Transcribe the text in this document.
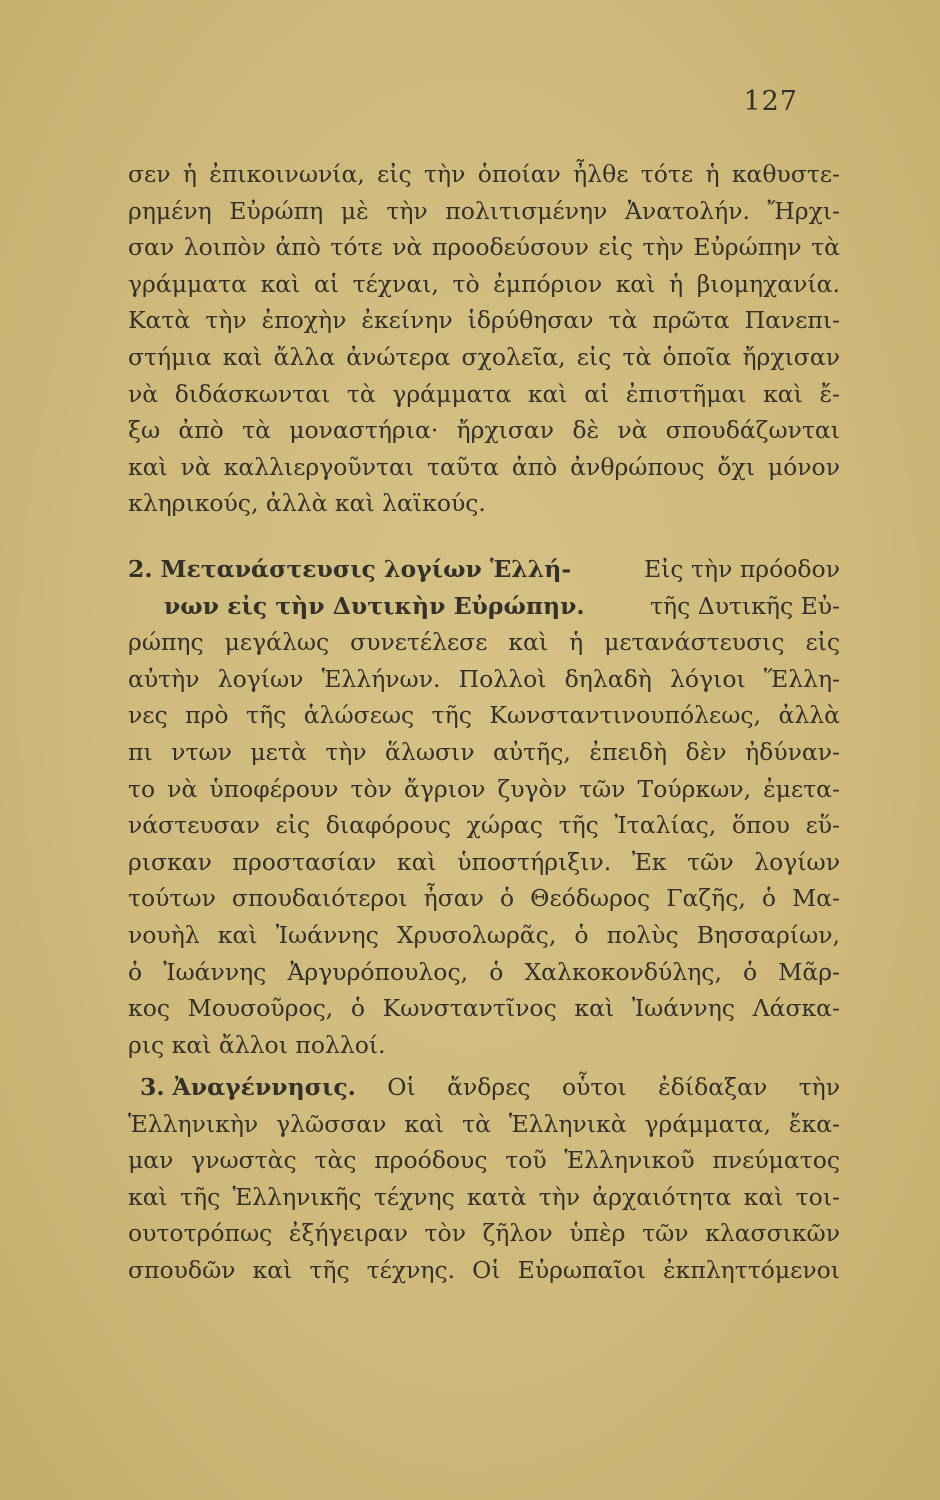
127
σεν ἡ ἐπικοινωνία, εἰς τὴν ὁποίαν ἦλθε τότε ἡ καθυστε-
ρημένη Εὐρώπη μὲ τὴν πολιτισμένην Ἀνατολήν. Ἤρχι-
σαν λοιπὸν ἀπὸ τότε νὰ προοδεύσουν εἰς τὴν Εὐρώπην τὰ
γράμματα καὶ αἱ τέχναι, τὸ ἐμπόριον καὶ ἡ βιομηχανία.
Κατὰ τὴν ἐποχὴν ἐκείνην ἱδρύθησαν τὰ πρῶτα Πανεπι-
στήμια καὶ ἄλλα ἀνώτερα σχολεῖα, εἰς τὰ ὁποῖα ἤρχισαν
νὰ διδάσκωνται τὰ γράμματα καὶ αἱ ἐπιστῆμαι καὶ ἔ-
ξω ἀπὸ τὰ μοναστήρια· ἤρχισαν δὲ νὰ σπουδάζωνται
καὶ νὰ καλλιεργοῦνται ταῦτα ἀπὸ ἀνθρώπους ὄχι μόνον
κληρικούς, ἀλλὰ καὶ λαϊκούς.
2. Μετανάστευσις λογίων Ἑλλή-	Εἰς τὴν πρόοδον
νων εἰς τὴν Δυτικὴν Εὐρώπην.	τῆς Δυτικῆς Εὐ-
ρώπης μεγάλως συνετέλεσε καὶ ἡ μετανάστευσις εἰς
αὐτὴν λογίων Ἑλλήνων. Πολλοὶ δηλαδὴ λόγιοι Ἕλλη-
νες πρὸ τῆς ἁλώσεως τῆς Κωνσταντινουπόλεως, ἀλλὰ
πι ντων μετὰ τὴν ἅλωσιν αὐτῆς, ἐπειδὴ δὲν ἠδύναν-
το νὰ ὑποφέρουν τὸν ἄγριον ζυγὸν τῶν Τούρκων, ἐμετα-
νάστευσαν εἰς διαφόρους χώρας τῆς Ἰταλίας, ὅπου εὕ-
ρισκαν προστασίαν καὶ ὑποστήριξιν. Ἐκ τῶν λογίων
τούτων σπουδαιότεροι ἦσαν ὁ Θεόδωρος Γαζῆς, ὁ Μα-
νουὴλ καὶ Ἰωάννης Χρυσολωρᾶς, ὁ πολὺς Βησσαρίων,
ὁ Ἰωάννης Ἀργυρόπουλος, ὁ Χαλκοκονδύλης, ὁ Μᾶρ-
κος Μουσοῦρος, ὁ Κωνσταντῖνος καὶ Ἰωάννης Λάσκα-
ρις καὶ ἄλλοι πολλοί.
3. Ἀναγέννησις. Οἱ ἄνδρες οὗτοι ἐδίδαξαν τὴν
Ἑλληνικὴν γλῶσσαν καὶ τὰ Ἑλληνικὰ γράμματα, ἔκα-
μαν γνωστὰς τὰς προόδους τοῦ Ἑλληνικοῦ πνεύματος
καὶ τῆς Ἑλληνικῆς τέχνης κατὰ τὴν ἀρχαιότητα καὶ τοι-
ουτοτρόπως ἐξήγειραν τὸν ζῆλον ὑπὲρ τῶν κλασσικῶν
σπουδῶν καὶ τῆς τέχνης. Οἱ Εὐρωπαῖοι ἐκπληττόμενοι
